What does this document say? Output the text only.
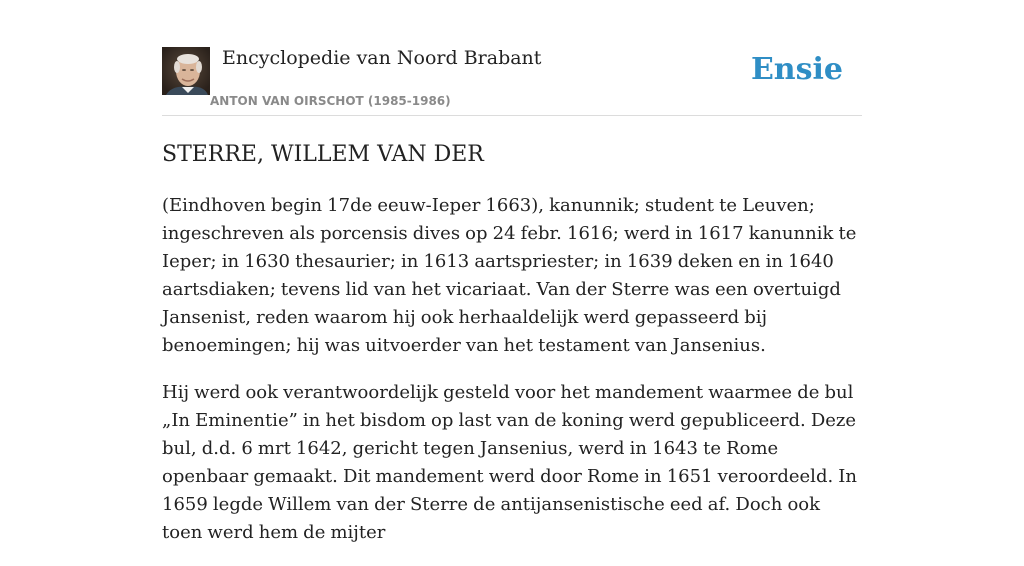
Encyclopedie van Noord Brabant
ANTON VAN OIRSCHOT (1985-1986)
Ensie
STERRE, WILLEM VAN DER

(Eindhoven begin 17de eeuw-Ieper 1663), kanunnik; student te Leuven; ingeschreven als porcensis dives op 24 febr. 1616; werd in 1617 kanunnik te Ieper; in 1630 thesaurier; in 1613 aartspriester; in 1639 deken en in 1640 aartsdiaken; tevens lid van het vicariaat. Van der Sterre was een overtuigd Jansenist, reden waarom hij ook herhaaldelijk werd gepasseerd bij benoemingen; hij was uitvoerder van het testament van Jansenius.

Hij werd ook verantwoordelijk gesteld voor het mandement waarmee de bul „In Eminentie” in het bisdom op last van de koning werd gepubliceerd. Deze bul, d.d. 6 mrt 1642, gericht tegen Jansenius, werd in 1643 te Rome openbaar gemaakt. Dit mandement werd door Rome in 1651 veroordeeld. In 1659 legde Willem van der Sterre de antijansenistische eed af. Doch ook toen werd hem de mijter
